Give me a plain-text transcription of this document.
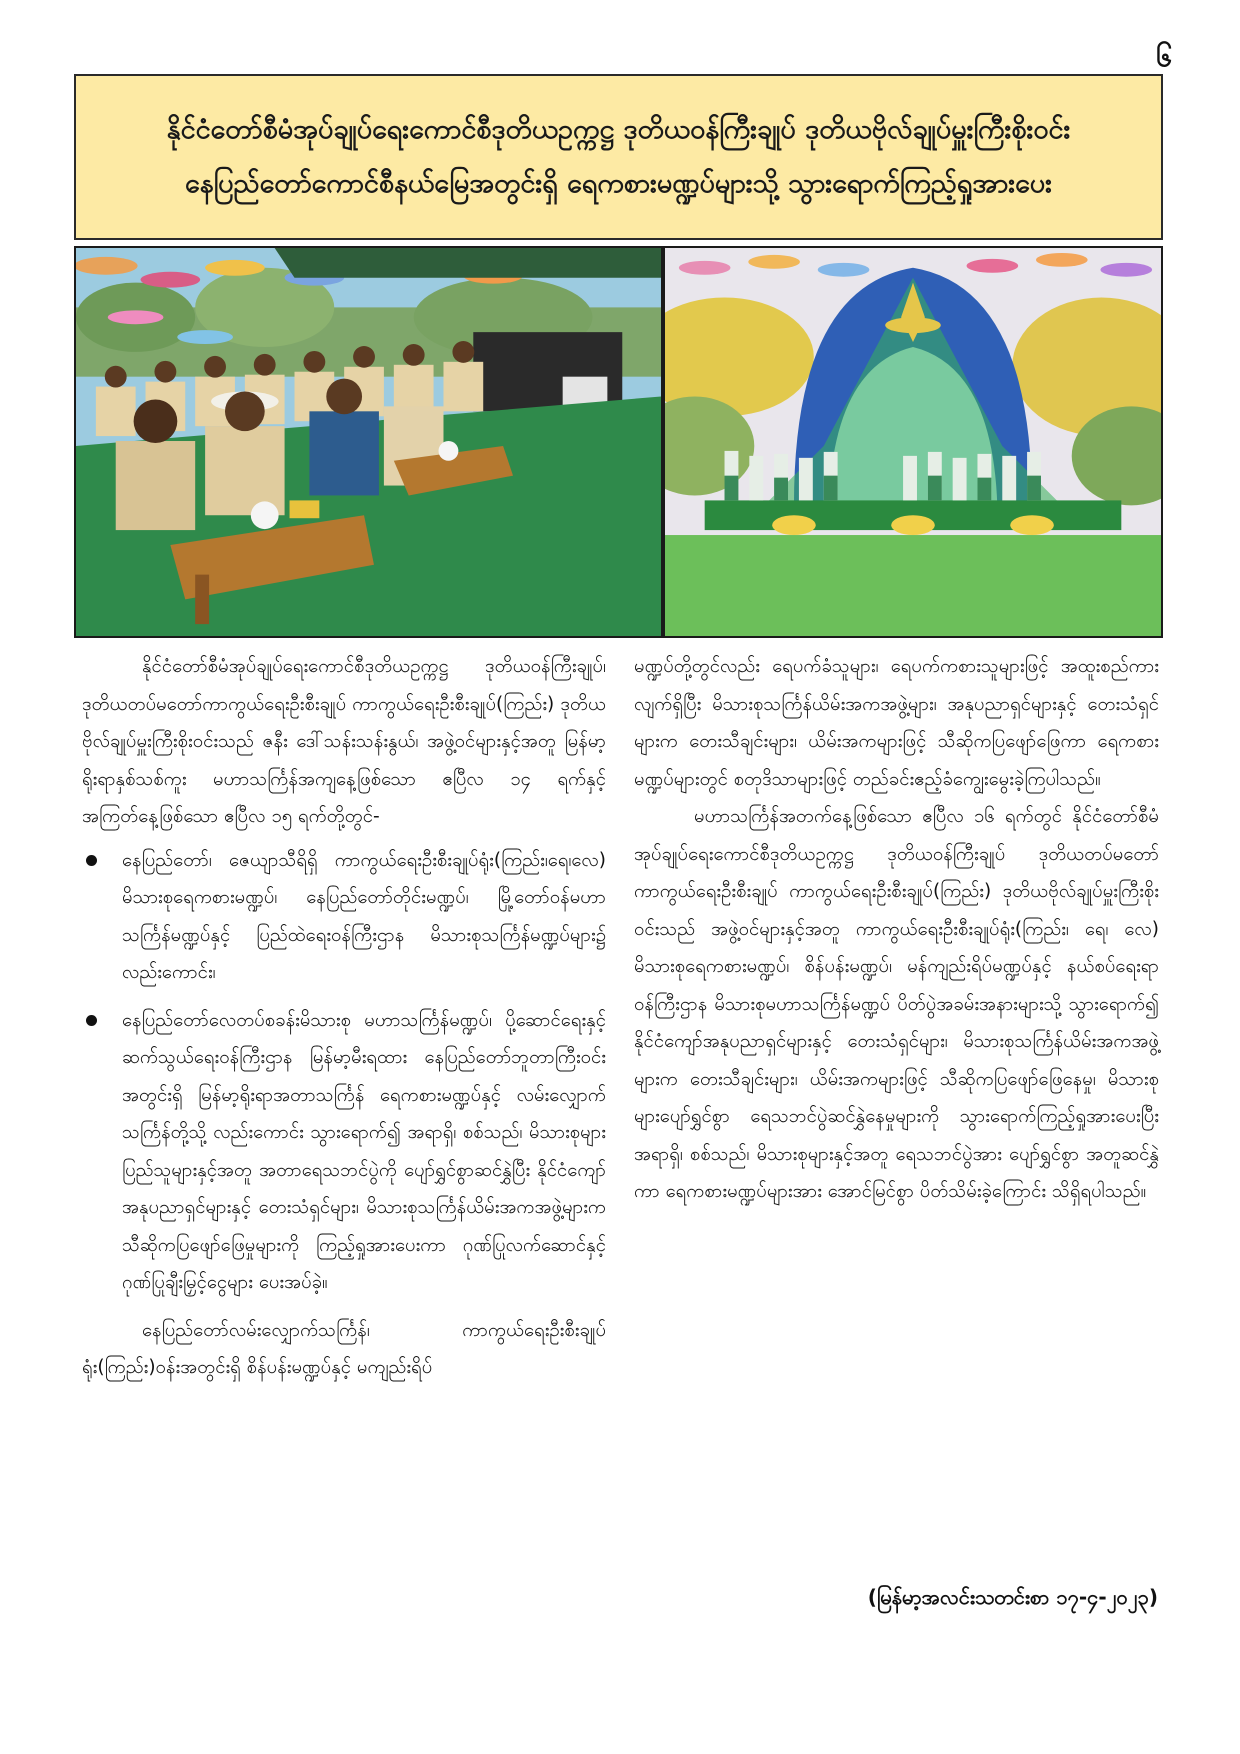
၆
နိုင်ငံတော်စီမံအုပ်ချုပ်ရေးကောင်စီဒုတိယဥက္ကဋ္ဌ ဒုတိယဝန်ကြီးချုပ် ဒုတိယဗိုလ်ချုပ်မှူးကြီးစိုးဝင်း
နေပြည်တော်ကောင်စီနယ်မြေအတွင်းရှိ ရေကစားမဏ္ဍပ်များသို့ သွားရောက်ကြည့်ရှုအားပေး

နိုင်ငံတော်စီမံအုပ်ချုပ်ရေးကောင်စီဒုတိယဥက္ကဋ္ဌ ဒုတိယဝန်ကြီးချုပ်၊ ဒုတိယတပ်မတော်ကာကွယ်ရေးဦးစီးချုပ် ကာကွယ်ရေးဦးစီးချုပ်(ကြည်း) ဒုတိယဗိုလ်ချုပ်မှူးကြီးစိုးဝင်းသည် ဇနီး ဒေါ်သန်းသန်းနွယ်၊ အဖွဲ့ဝင်များနှင့်အတူ မြန်မာ့ရိုးရာနှစ်သစ်ကူး မဟာသင်္ကြန်အကျနေ့ဖြစ်သော ဧပြီလ ၁၄ ရက်နှင့် အကြတ်နေ့ဖြစ်သော ဧပြီလ ၁၅ ရက်တို့တွင်-

နေပြည်တော်၊ ဇေယျာသီရိရှိ ကာကွယ်ရေးဦးစီးချုပ်ရုံး(ကြည်း၊ရေ၊လေ) မိသားစုရေကစားမဏ္ဍပ်၊ နေပြည်တော်တိုင်းမဏ္ဍပ်၊ မြို့တော်ဝန်မဟာသင်္ကြန်မဏ္ဍပ်နှင့် ပြည်ထဲရေးဝန်ကြီးဌာန မိသားစုသင်္ကြန်မဏ္ဍပ်များ၌ လည်းကောင်း၊
နေပြည်တော်လေတပ်စခန်းမိသားစု မဟာသင်္ကြန်မဏ္ဍပ်၊ ပို့ဆောင်ရေးနှင့် ဆက်သွယ်ရေးဝန်ကြီးဌာန မြန်မာ့မီးရထား နေပြည်တော်ဘူတာကြီးဝင်းအတွင်းရှိ မြန်မာ့ရိုးရာအတာသင်္ကြန် ရေကစားမဏ္ဍပ်နှင့် လမ်းလျှောက်သင်္ကြန်တို့သို့ လည်းကောင်း သွားရောက်၍ အရာရှိ၊ စစ်သည်၊ မိသားစုများပြည်သူများနှင့်အတူ အတာရေသဘင်ပွဲကို ပျော်ရွှင်စွာဆင်နွှဲပြီး နိုင်ငံကျော်အနုပညာရှင်များနှင့် တေးသံရှင်များ၊ မိသားစုသင်္ကြန်ယိမ်းအကအဖွဲ့များက သီဆိုကပြဖျော်ဖြေမှုများကို ကြည့်ရှုအားပေးကာ ဂုဏ်ပြုလက်ဆောင်နှင့် ဂုဏ်ပြုချီးမြှင့်ငွေများ ပေးအပ်ခဲ့။

နေပြည်တော်လမ်းလျှောက်သင်္ကြန်၊ ကာကွယ်ရေးဦးစီးချုပ်ရုံး(ကြည်း)ဝန်းအတွင်းရှိ စိန်ပန်းမဏ္ဍပ်နှင့် မကျည်းရိပ်

မဏ္ဍပ်တို့တွင်လည်း ရေပက်ခံသူများ၊ ရေပက်ကစားသူများဖြင့် အထူးစည်ကားလျက်ရှိပြီး မိသားစုသင်္ကြန်ယိမ်းအကအဖွဲ့များ၊ အနုပညာရှင်များနှင့် တေးသံရှင်များက တေးသီချင်းများ၊ ယိမ်းအကများဖြင့် သီဆိုကပြဖျော်ဖြေကာ ရေကစားမဏ္ဍပ်များတွင် စတုဒိသာများဖြင့် တည်ခင်းဧည့်ခံကျွေးမွေးခဲ့ကြပါသည်။

မဟာသင်္ကြန်အတက်နေ့ဖြစ်သော ဧပြီလ ၁၆ ရက်တွင် နိုင်ငံတော်စီမံအုပ်ချုပ်ရေးကောင်စီဒုတိယဥက္ကဋ္ဌ ဒုတိယဝန်ကြီးချုပ် ဒုတိယတပ်မတော်ကာကွယ်ရေးဦးစီးချုပ် ကာကွယ်ရေးဦးစီးချုပ်(ကြည်း) ဒုတိယဗိုလ်ချုပ်မှူးကြီးစိုးဝင်းသည် အဖွဲ့ဝင်များနှင့်အတူ ကာကွယ်ရေးဦးစီးချုပ်ရုံး(ကြည်း၊ ရေ၊ လေ) မိသားစုရေကစားမဏ္ဍပ်၊ စိန်ပန်းမဏ္ဍပ်၊ မန်ကျည်းရိပ်မဏ္ဍပ်နှင့် နယ်စပ်ရေးရာဝန်ကြီးဌာန မိသားစုမဟာသင်္ကြန်မဏ္ဍပ် ပိတ်ပွဲအခမ်းအနားများသို့ သွားရောက်၍ နိုင်ငံကျော်အနုပညာရှင်များနှင့် တေးသံရှင်များ၊ မိသားစုသင်္ကြန်ယိမ်းအကအဖွဲ့များက တေးသီချင်းများ၊ ယိမ်းအကများဖြင့် သီဆိုကပြဖျော်ဖြေနေမှု၊ မိသားစုများပျော်ရွှင်စွာ ရေသဘင်ပွဲဆင်နွှဲနေမှုများကို သွားရောက်ကြည့်ရှုအားပေးပြီး အရာရှိ၊ စစ်သည်၊ မိသားစုများနှင့်အတူ ရေသဘင်ပွဲအား ပျော်ရွှင်စွာ အတူဆင်နွှဲကာ ရေကစားမဏ္ဍပ်များအား အောင်မြင်စွာ ပိတ်သိမ်းခဲ့ကြောင်း သိရှိရပါသည်။

(မြန်မာ့အလင်းသတင်းစာ ၁၇-၄-၂၀၂၃)
